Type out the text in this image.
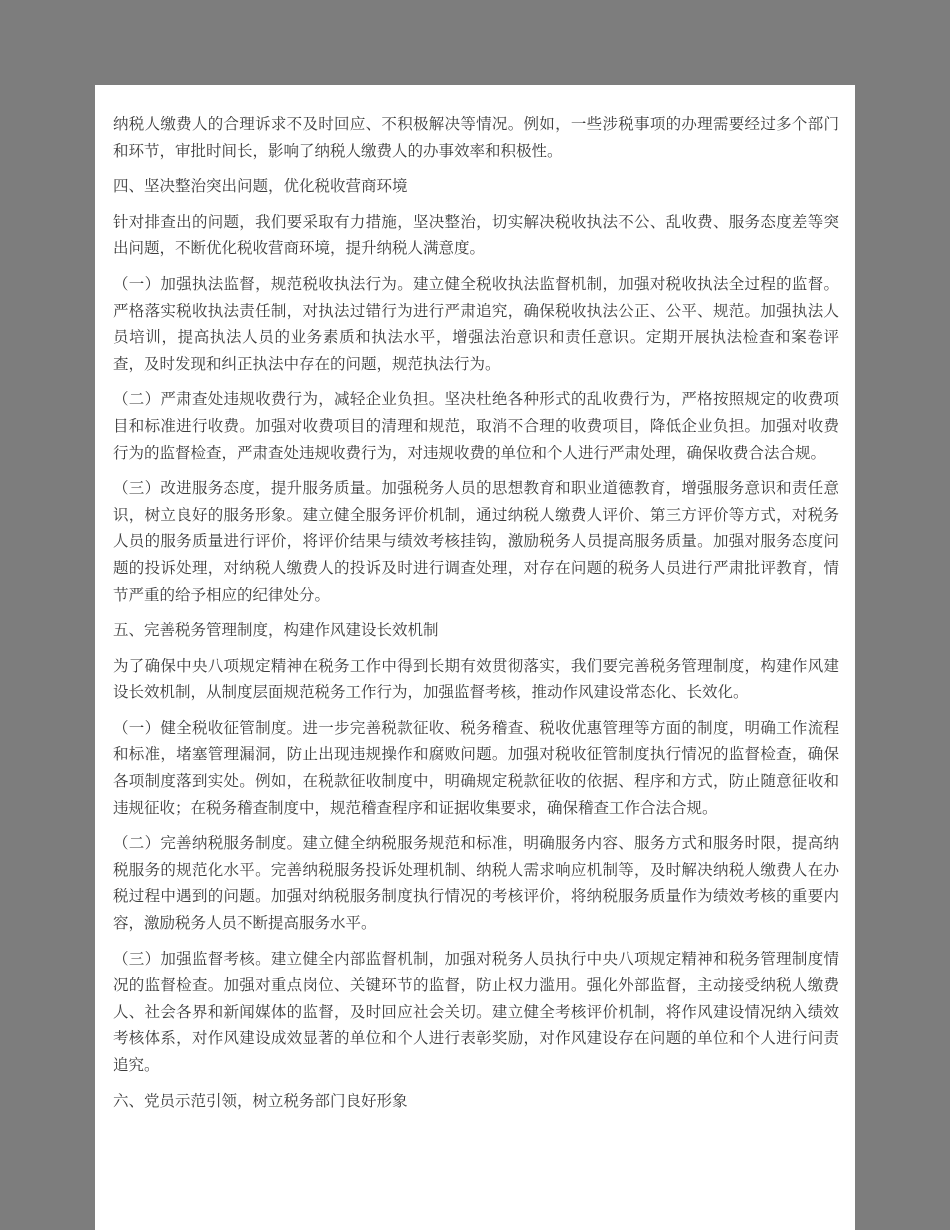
纳税人缴费人的合理诉求不及时回应、不积极解决等情况。例如，一些涉税事项的办理需要经过多个部门和环节，审批时间长，影响了纳税人缴费人的办事效率和积极性。

四、坚决整治突出问题，优化税收营商环境

针对排查出的问题，我们要采取有力措施，坚决整治，切实解决税收执法不公、乱收费、服务态度差等突出问题，不断优化税收营商环境，提升纳税人满意度。

（一）加强执法监督，规范税收执法行为。建立健全税收执法监督机制，加强对税收执法全过程的监督。严格落实税收执法责任制，对执法过错行为进行严肃追究，确保税收执法公正、公平、规范。加强执法人员培训，提高执法人员的业务素质和执法水平，增强法治意识和责任意识。定期开展执法检查和案卷评查，及时发现和纠正执法中存在的问题，规范执法行为。

（二）严肃查处违规收费行为，减轻企业负担。坚决杜绝各种形式的乱收费行为，严格按照规定的收费项目和标准进行收费。加强对收费项目的清理和规范，取消不合理的收费项目，降低企业负担。加强对收费行为的监督检查，严肃查处违规收费行为，对违规收费的单位和个人进行严肃处理，确保收费合法合规。

（三）改进服务态度，提升服务质量。加强税务人员的思想教育和职业道德教育，增强服务意识和责任意识，树立良好的服务形象。建立健全服务评价机制，通过纳税人缴费人评价、第三方评价等方式，对税务人员的服务质量进行评价，将评价结果与绩效考核挂钩，激励税务人员提高服务质量。加强对服务态度问题的投诉处理，对纳税人缴费人的投诉及时进行调查处理，对存在问题的税务人员进行严肃批评教育，情节严重的给予相应的纪律处分。

五、完善税务管理制度，构建作风建设长效机制

为了确保中央八项规定精神在税务工作中得到长期有效贯彻落实，我们要完善税务管理制度，构建作风建设长效机制，从制度层面规范税务工作行为，加强监督考核，推动作风建设常态化、长效化。

（一）健全税收征管制度。进一步完善税款征收、税务稽查、税收优惠管理等方面的制度，明确工作流程和标准，堵塞管理漏洞，防止出现违规操作和腐败问题。加强对税收征管制度执行情况的监督检查，确保各项制度落到实处。例如，在税款征收制度中，明确规定税款征收的依据、程序和方式，防止随意征收和违规征收；在税务稽查制度中，规范稽查程序和证据收集要求，确保稽查工作合法合规。

（二）完善纳税服务制度。建立健全纳税服务规范和标准，明确服务内容、服务方式和服务时限，提高纳税服务的规范化水平。完善纳税服务投诉处理机制、纳税人需求响应机制等，及时解决纳税人缴费人在办税过程中遇到的问题。加强对纳税服务制度执行情况的考核评价，将纳税服务质量作为绩效考核的重要内容，激励税务人员不断提高服务水平。

（三）加强监督考核。建立健全内部监督机制，加强对税务人员执行中央八项规定精神和税务管理制度情况的监督检查。加强对重点岗位、关键环节的监督，防止权力滥用。强化外部监督，主动接受纳税人缴费人、社会各界和新闻媒体的监督，及时回应社会关切。建立健全考核评价机制，将作风建设情况纳入绩效考核体系，对作风建设成效显著的单位和个人进行表彰奖励，对作风建设存在问题的单位和个人进行问责追究。

六、党员示范引领，树立税务部门良好形象
